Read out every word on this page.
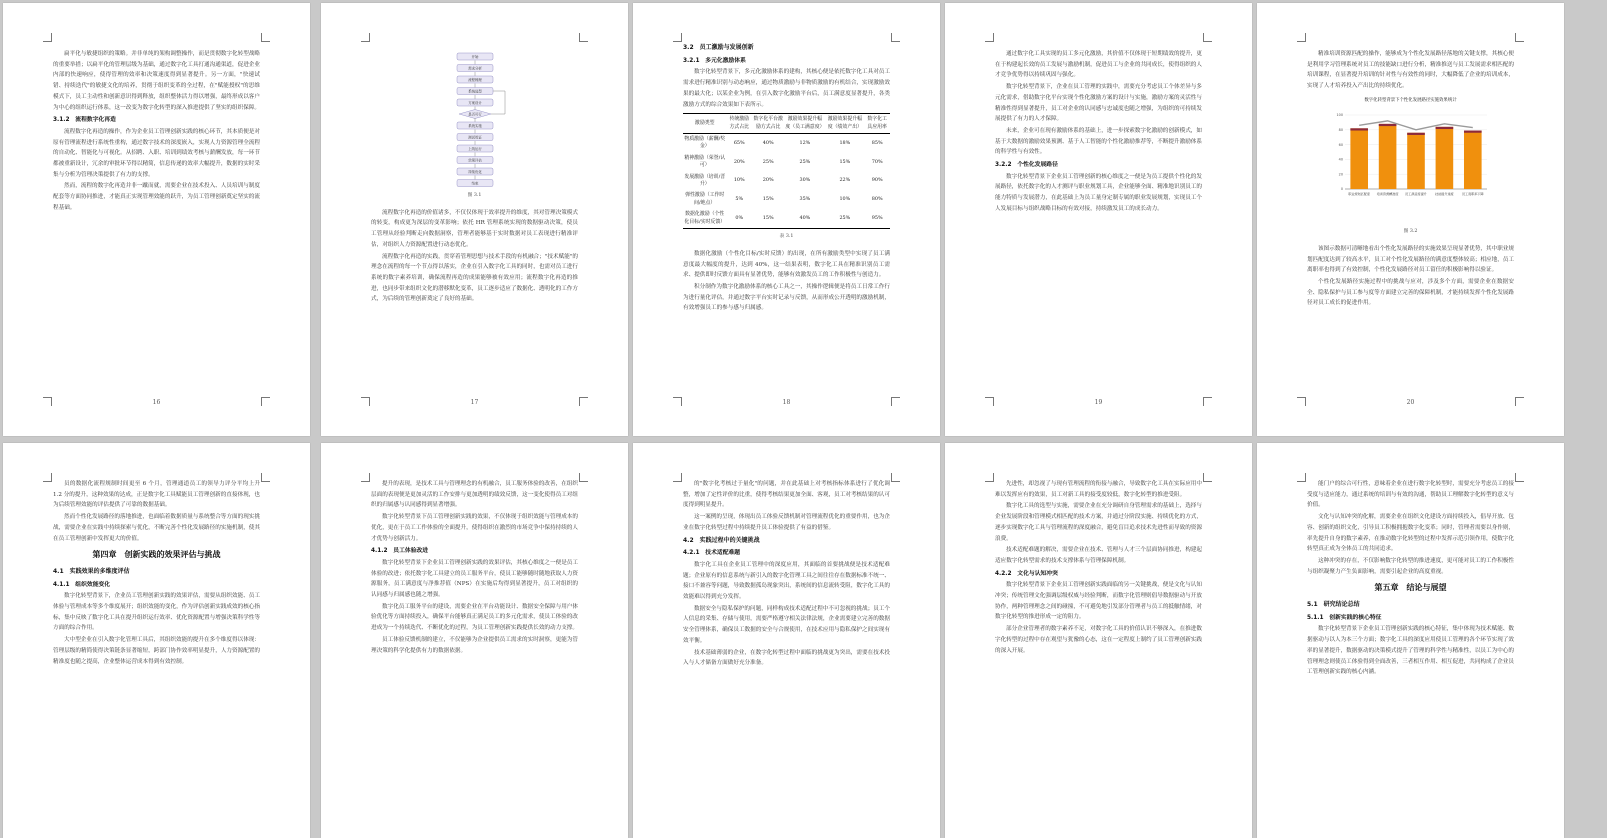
扁平化与敏捷组织的策略。并非单纯的架构调整操作，而是贯彻数字化转型战略的重要举措；以扁平化的管理层级为基础，通过数字化工具打通沟通渠道，促进企业内部的快速响应，使得管理的效率和决策速度得到显著提升。另一方面，"快速试错、持续迭代"的敏捷文化的培养，贯彻于组织变革的全过程，在"赋能授权"的思维模式下，员工主动性和创新意识得到释放，组织整体活力得以增强，最终形成以客户为中心的组织运行体系，这一改变为数字化转型的深入推进提供了坚实的组织保障。

3.1.2　流程数字化再造

流程数字化再造的操作，作为企业员工管理创新实践的核心环节，其本质便是对原有管理流程进行系统性重构，通过数字技术的深度嵌入，实现人力资源管理全流程的自动化、智能化与可视化。从招聘、入职、培训到绩效考核与薪酬发放，每一环节都被重新设计，冗余的审批环节得以精简，信息传递的效率大幅提升，数据的实时采集与分析为管理决策提供了有力的支撑。

然而，流程的数字化再造并非一蹴而就，需要企业在技术投入、人员培训与制度配套等方面协同推进，才能真正实现管理效能的跃升，为员工管理创新奠定坚实的流程基础。

16
开始
需求分析
流程梳理
系统选型
方案设计
是否可行
系统实施
测试验证
上线运行
效果评估
持续优化
结束
图 3.1

流程数字化再造的价值诸多，不仅仅体现于效率提升的维度，其对管理决策模式的转变，构成更为深层的变革影响；依托 HR 管理系统实现的数据驱动决策，使员工管理从经验判断走向数据洞察，管理者能够基于实时数据对员工表现进行精准评估，对组织人力资源配置进行动态优化。

流程数字化再造的实践，贯穿着管理思想与技术手段的有机融合；"技术赋能"的理念在流程的每一个节点得以落实，企业在引入数字化工具的同时，也需对员工进行系统的数字素养培训，确保流程再造的成果能够被有效应用；流程数字化再造的推进，也同步带来组织文化的潜移默化变革，员工逐步适应了数据化、透明化的工作方式，为后续的管理创新奠定了良好的基础。

17
3.2　员工激励与发展创新
3.2.1　多元化激励体系

数字化转型背景下，多元化激励体系的建构，其核心便是依托数字化工具对员工需求进行精准识别与动态响应，通过物质激励与非物质激励的有机结合，实现激励效果的最大化；以某企业为例，在引入数字化激励平台后，员工满意度显著提升，各类激励方式的综合效果如下表所示。

激励类型	传统激励方式占比	数字化平台激励方式占比	激励效果提升幅度（员工满意度）	激励效果提升幅度（绩效产出）	数字化工具应用率
物质激励（薪酬/奖金）	65%	40%	12%	18%	85%
精神激励（荣誉/认可）	20%	25%	25%	15%	70%
发展激励（培训/晋升）	10%	20%	30%	22%	90%
弹性激励（工作时间/地点）	5%	15%	35%	10%	80%
数据化激励（个性化目标/实时反馈）	0%	15%	40%	25%	95%
表 3.1

数据化激励（个性化目标/实时反馈）的出现，在所有激励类型中实现了员工满意度最大幅度的提升，达到 40%，这一结果表明，数字化工具在精准识别员工需求、提供即时反馈方面具有显著优势，能够有效激发员工的工作积极性与创造力。

积分制作为数字化激励体系的核心工具之一，其操作逻辑便是将员工日常工作行为进行量化评估，并通过数字平台实时记录与反馈，从而形成公开透明的激励机制，有效增强员工的参与感与归属感。

18

通过数字化工具实现的员工多元化激励，其价值不仅体现于短期绩效的提升，更在于构建起长效的员工发展与激励机制，促进员工与企业的共同成长，使得组织的人才竞争优势得以持续巩固与强化。

数字化转型背景下，企业在员工管理的实践中，需要充分考虑员工个体差异与多元化需求，借助数字化平台实现个性化激励方案的设计与实施，激励方案的灵活性与精准性得到显著提升，员工对企业的认同感与忠诚度也随之增强，为组织的可持续发展提供了有力的人才保障。

未来，企业可在现有激励体系的基础上，进一步探索数字化激励的创新模式，如基于大数据的激励效果预测、基于人工智能的个性化激励推荐等，不断提升激励体系的科学性与有效性。

3.2.2　个性化发展路径

数字化转型背景下企业员工管理创新的核心维度之一便是为员工提供个性化的发展路径，依托数字化的人才测评与职业规划工具，企业能够全面、精准地识别员工的能力特质与发展潜力，在此基础上为员工量身定制专属的职业发展规划，实现员工个人发展目标与组织战略目标的有效对接，持续激发员工的成长动力。

19

精准培训资源匹配的操作，能够成为个性化发展路径落地的关键支撑，其核心便是利用学习管理系统对员工的技能缺口进行分析，精准推送与员工发展需求相匹配的培训课程，在显著提升培训的针对性与有效性的同时，大幅降低了企业的培训成本，实现了人才培养投入产出比的持续优化。

数字化转型背景下个性化发展路径实施效果统计
0
20
40
60
80
100
职业规划匹配度 培训资源精准度 员工满意度提升	技能提升速度	员工离职率下降
图 3.2

该图示数据可清晰地看出个性化发展路径的实施效果呈现显著优势，其中职业规划匹配度达到了较高水平，员工对个性化发展路径的满意度整体较高；相应地，员工离职率也得到了有效控制，个性化发展路径对员工留任的积极影响得以验证。

个性化发展路径实施过程中的挑战与应对，涉及多个方面，需要企业在数据安全、隐私保护与员工参与度等方面建立完善的保障机制，才能持续发挥个性化发展路径对员工成长的促进作用。

20

员的数据化流程规制时间更至 6 个月，管理通道员工的领导力评分平均上升 1.2 分的提升，这种效果的达成，正是数字化工具赋能员工管理创新的直接体现，也为后续管理效能的评估提供了可靠的数据基础。

然而个性化发展路径的落地推进，也面临着数据质量与系统整合等方面的现实挑战，需要企业在实践中持续探索与优化，不断完善个性化发展路径的实施机制，使其在员工管理创新中发挥更大的价值。

第四章　创新实践的效果评估与挑战
4.1　实践效果的多维度评估
4.1.1　组织效能变化

数字化转型背景下，企业员工管理创新实践的效果评估，需要从组织效能、员工体验与管理成本等多个维度展开；组织效能的变化，作为评估创新实践成效的核心指标，集中反映了数字化工具在提升组织运行效率、优化资源配置与增强决策科学性等方面的综合作用。

大中型企业在引入数字化管理工具后，其组织效能的提升在多个维度得以体现：管理层级的精简使得决策链条显著缩短，跨部门协作效率明显提升，人力资源配置的精准度也随之提高，企业整体运营成本得到有效控制。

提升的表现，是技术工具与管理理念的有机融合，员工服务体验的改善，在组织层面的表现便是更加灵活的工作安排与更加透明的绩效反馈，这一变化使得员工对组织的归属感与认同感得到显著增强。

数字化转型背景下员工管理创新实践的效果，不仅体现于组织效能与管理成本的优化，更在于员工工作体验的全面提升，使得组织在激烈的市场竞争中保持持续的人才优势与创新活力。

4.1.2　员工体验改进

数字化转型背景下企业员工管理创新实践的效果评估，其核心维度之一便是员工体验的改进；依托数字化工具建立的员工服务平台，使员工能够随时随地获取人力资源服务，员工满意度与净推荐值（NPS）在实施后均得到显著提升，员工对组织的认同感与归属感也随之增强。

数字化员工服务平台的建设，需要企业在平台功能设计、数据安全保障与用户体验优化等方面持续投入，确保平台能够真正满足员工的多元化需求，使员工体验的改进成为一个持续迭代、不断优化的过程，为员工管理创新实践提供长效的动力支撑。

员工体验反馈机制的建立，不仅能够为企业提供员工需求的实时洞察，更能为管理决策的科学化提供有力的数据依据。

的"数字化考核过于量化"的问题，并在此基础上对考核指标体系进行了优化调整，增加了定性评价的比重，使得考核结果更加全面、客观，员工对考核结果的认可度得到明显提升。

这一案例的呈现，体现出员工体验反馈机制对管理流程优化的重要作用，也为企业在数字化转型过程中持续提升员工体验提供了有益的借鉴。

4.2　实践过程中的关键挑战
4.2.1　技术适配难题

数字化工具在企业员工管理中的深度应用，其面临的首要挑战便是技术适配难题；企业原有的信息系统与新引入的数字化管理工具之间往往存在数据标准不统一、接口不兼容等问题，导致数据孤岛现象突出，系统间的信息流转受阻，数字化工具的效能难以得到充分发挥。

数据安全与隐私保护的问题，同样构成技术适配过程中不可忽视的挑战；员工个人信息的采集、存储与使用，需要严格遵守相关法律法规，企业需要建立完善的数据安全管理体系，确保员工数据的安全与合规使用，在技术应用与隐私保护之间实现有效平衡。

技术基础薄弱的企业，在数字化转型过程中面临的挑战更为突出，需要在技术投入与人才储备方面做好充分准备。

先进性，却忽视了与现有管理流程的衔接与融合，导致数字化工具在实际应用中难以发挥应有的效果，员工对新工具的接受度较低，数字化转型的推进受阻。

数字化工具的选型与实施，需要企业在充分调研自身管理需求的基础上，选择与企业发展阶段和管理模式相匹配的技术方案，并通过分阶段实施、持续优化的方式，逐步实现数字化工具与管理流程的深度融合，避免盲目追求技术先进性而导致的资源浪费。

技术适配难题的解决，需要企业在技术、管理与人才三个层面协同推进，构建起适应数字化转型需求的技术支撑体系与管理保障机制。

4.2.2　文化与认知冲突

数字化转型背景下企业员工管理创新实践面临的另一关键挑战，便是文化与认知冲突；传统管理文化强调层级权威与经验判断，而数字化管理则倡导数据驱动与开放协作，两种管理理念之间的碰撞，不可避免地引发部分管理者与员工的抵触情绪，对数字化转型的推进形成一定的阻力。

部分企业管理者的数字素养不足，对数字化工具的价值认识不够深入，在推进数字化转型的过程中存在观望与犹豫的心态，这在一定程度上制约了员工管理创新实践的深入开展。

能门户的综合可行性，意味着企业在进行数字化转型时，需要充分考虑员工的接受度与适应能力，通过系统的培训与有效的沟通，帮助员工理解数字化转型的意义与价值。

文化与认知冲突的化解，需要企业在组织文化建设方面持续投入，倡导开放、包容、创新的组织文化，引导员工积极拥抱数字化变革；同时，管理者需要以身作则，率先提升自身的数字素养，在推动数字化转型的过程中发挥示范引领作用，使数字化转型真正成为全体员工的共同追求。

这种冲突的存在，不仅影响数字化转型的推进速度，更可能对员工的工作积极性与组织凝聚力产生负面影响，需要引起企业的高度重视。

第五章　结论与展望
5.1　研究结论总结
5.1.1　创新实践的核心特征

数字化转型背景下企业员工管理创新实践的核心特征，集中体现为技术赋能、数据驱动与以人为本三个方面；数字化工具的深度应用使员工管理的各个环节实现了效率的显著提升，数据驱动的决策模式提升了管理的科学性与精准性，以员工为中心的管理理念则使员工体验得到全面改善，三者相互作用、相互促进，共同构成了企业员工管理创新实践的核心内涵。
